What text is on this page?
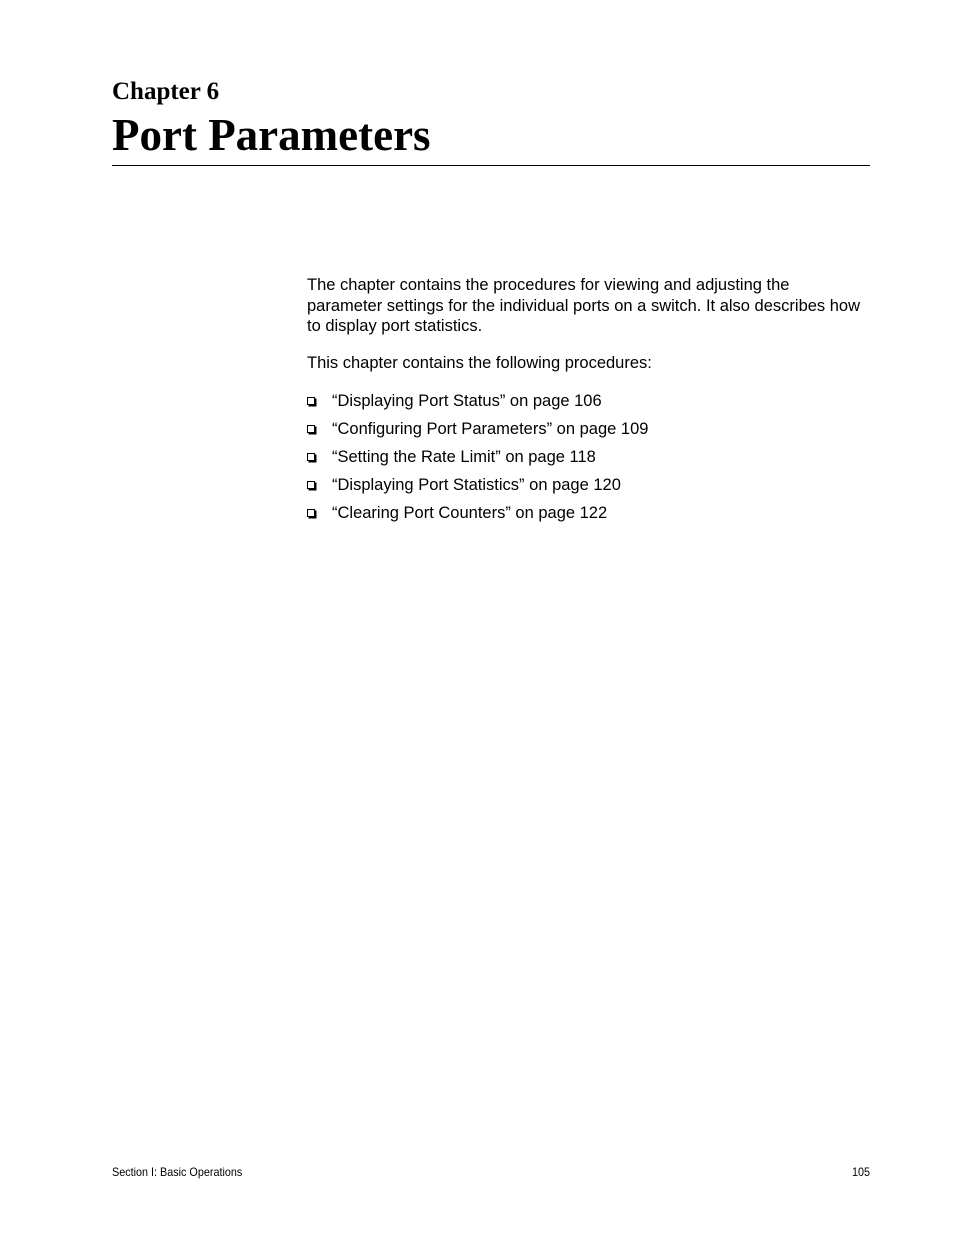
Chapter 6
Port Parameters

The chapter contains the procedures for viewing and adjusting the parameter settings for the individual ports on a switch. It also describes how to display port statistics.

This chapter contains the following procedures:

“Displaying Port Status” on page 106
“Configuring Port Parameters” on page 109
“Setting the Rate Limit” on page 118
“Displaying Port Statistics” on page 120
“Clearing Port Counters” on page 122
Section I: Basic Operations	105
